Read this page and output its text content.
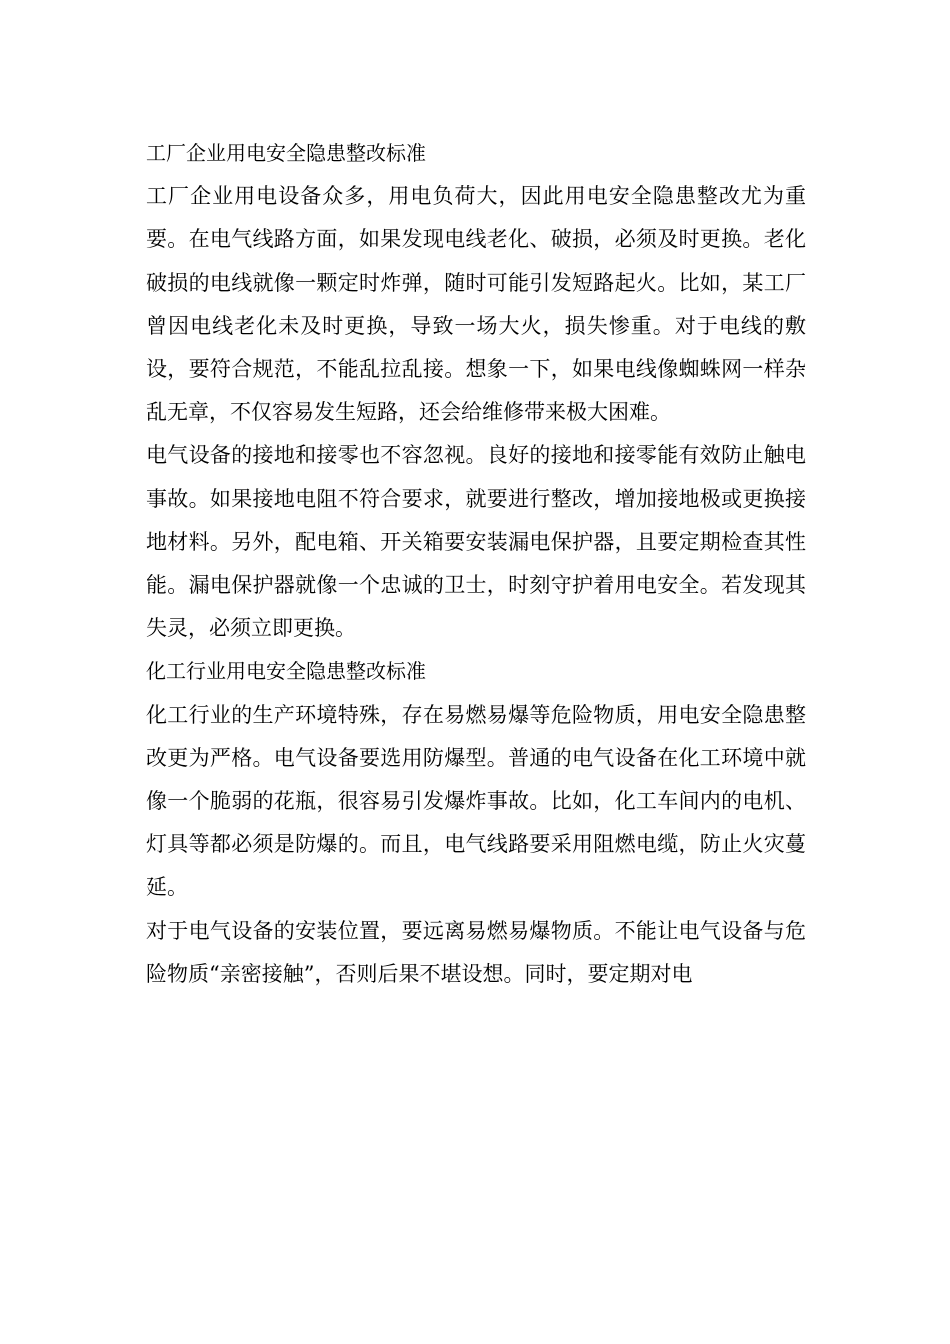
工厂企业用电安全隐患整改标准

工厂企业用电设备众多，用电负荷大，因此用电安全隐患整改尤为重要。在电气线路方面，如果发现电线老化、破损，必须及时更换。老化破损的电线就像一颗定时炸弹，随时可能引发短路起火。比如，某工厂曾因电线老化未及时更换，导致一场大火，损失惨重。对于电线的敷设，要符合规范，不能乱拉乱接。想象一下，如果电线像蜘蛛网一样杂乱无章，不仅容易发生短路，还会给维修带来极大困难。

电气设备的接地和接零也不容忽视。良好的接地和接零能有效防止触电事故。如果接地电阻不符合要求，就要进行整改，增加接地极或更换接地材料。另外，配电箱、开关箱要安装漏电保护器，且要定期检查其性能。漏电保护器就像一个忠诚的卫士，时刻守护着用电安全。若发现其失灵，必须立即更换。

化工行业用电安全隐患整改标准

化工行业的生产环境特殊，存在易燃易爆等危险物质，用电安全隐患整改更为严格。电气设备要选用防爆型。普通的电气设备在化工环境中就像一个脆弱的花瓶，很容易引发爆炸事故。比如，化工车间内的电机、灯具等都必须是防爆的。而且，电气线路要采用阻燃电缆，防止火灾蔓延。

对于电气设备的安装位置，要远离易燃易爆物质。不能让电气设备与危险物质“亲密接触”，否则后果不堪设想。同时，要定期对电
